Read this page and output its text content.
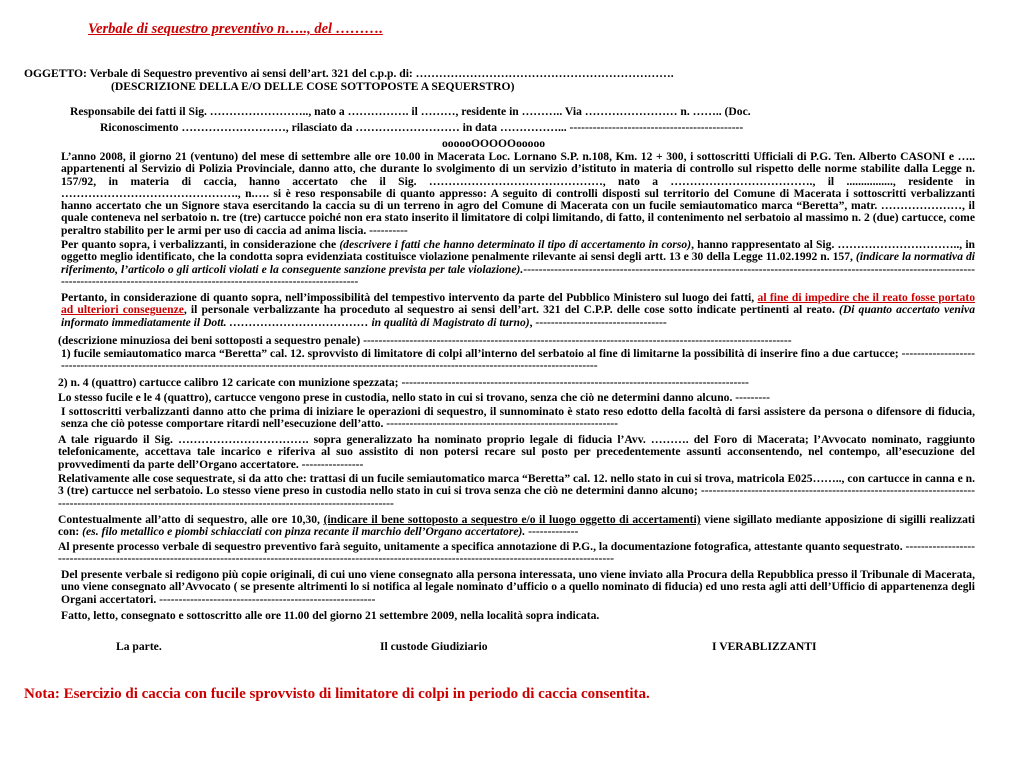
Verbale di sequestro preventivo n….., del ……….
OGGETTO: Verbale di Sequestro preventivo ai sensi dell’art. 321 del c.p.p. di: ………………………………………………………….
(DESCRIZIONE DELLA E/O DELLE COSE SOTTOPOSTE A SEQUERSTRO)
Responsabile dei fatti il Sig. …………………….., nato a ……………. il ………, residente in ……….. Via …………………… n. …….. (Doc.
Riconoscimento ………………………, rilasciato da ……………………… in data ……………... ---------------------------------------------
oooooOOOOOooooo
L’anno 2008, il giorno 21 (ventuno) del mese di settembre alle ore 10.00 in Macerata Loc. Lornano S.P. n.108, Km. 12 + 300, i sottoscritti Ufficiali di P.G. Ten. Alberto CASONI e ….. appartenenti al Servizio di Polizia Provinciale, danno atto, che durante lo svolgimento di un servizio d’istituto in materia di controllo sul rispetto delle norme stabilite dalla Legge n. 157/92, in materia di caccia, hanno accertato che il Sig. ………………………………………, nato a ………………………………., il ................, residente in ………………………………………., n.…. si è reso responsabile di quanto appresso: A seguito di controlli disposti sul territorio del Comune di Macerata i sottoscritti verbalizzanti hanno accertato che un Signore stava esercitando la caccia su di un terreno in agro del Comune di Macerata con un fucile semiautomatico marca “Beretta”, matr. …………………, il quale conteneva nel serbatoio n. tre (tre) cartucce poiché non era stato inserito il limitatore di colpi limitando, di fatto, il contenimento nel serbatoio al massimo n. 2 (due) cartucce, come peraltro stabilito per le armi per uso di caccia ad anima liscia. ----------
Per quanto sopra, i verbalizzanti, in considerazione che (descrivere i fatti che hanno determinato il tipo di accertamento in corso), hanno rappresentato al Sig. ………………………….., in oggetto meglio identificato, che la condotta sopra evidenziata costituisce violazione penalmente rilevante ai sensi degli artt. 13 e 30 della Legge 11.02.1992 n. 157, (indicare la normativa di riferimento, l’articolo o gli articoli violati e la conseguente sanzione prevista per tale violazione).--------------------------------------------------------------------------------------------------------------------------------------------------------------------------------------------------
Pertanto, in considerazione di quanto sopra, nell’impossibilità del tempestivo intervento da parte del Pubblico Ministero sul luogo dei fatti, al fine di impedire che il reato fosse portato ad ulteriori conseguenze, il personale verbalizzante ha proceduto al sequestro ai sensi dell’art. 321 del C.P.P. delle cose sotto indicate pertinenti al reato. (Di quanto accertato veniva informato immediatamente il Dott. ……………………………… in qualità di Magistrato di turno), ----------------------------------
(descrizione minuziosa dei beni sottoposti a sequestro penale) ---------------------------------------------------------------------------------------------------------------
1) fucile semiautomatico marca “Beretta” cal. 12. sprovvisto di limitatore di colpi all’interno del serbatoio al fine di limitarne la possibilità di inserire fino a due cartucce; --------------------------------------------------------------------------------------------------------------------------------------------------------------
2) n. 4 (quattro) cartucce calibro 12 caricate con munizione spezzata; ------------------------------------------------------------------------------------------
Lo stesso fucile e le 4 (quattro), cartucce vengono prese in custodia, nello stato in cui si trovano, senza che ciò ne determini danno alcuno. ---------
I sottoscritti verbalizzanti danno atto che prima di iniziare le operazioni di sequestro, il sunnominato è stato reso edotto della facoltà di farsi assistere da persona o difensore di fiducia, senza che ciò potesse comportare ritardi nell’esecuzione dell’atto. ------------------------------------------------------------
A tale riguardo il Sig. ……………………………. sopra generalizzato ha nominato proprio legale di fiducia l’Avv. ………. del Foro di Macerata; l’Avvocato nominato, raggiunto telefonicamente, accettava tale incarico e riferiva al suo assistito di non potersi recare sul posto per precedentemente assunti acconsentendo, nel contempo, all’esecuzione del provvedimenti da parte dell’Organo accertatore. ----------------
Relativamente alle cose sequestrate, si da atto che: trattasi di un fucile semiautomatico marca “Beretta” cal. 12. nello stato in cui si trova, matricola E025…….., con cartucce in canna e n. 3 (tre) cartucce nel serbatoio. Lo stesso viene preso in custodia nello stato in cui si trova senza che ciò ne determini danno alcuno; --------------------------------------------------------------------------------------------------------------------------------------------------------------
Contestualmente all’atto di sequestro, alle ore 10,30, (indicare il bene sottoposto a sequestro e/o il luogo oggetto di accertamenti) viene sigillato mediante apposizione di sigilli realizzati con: (es. filo metallico e piombi schiacciati con pinza recante il marchio dell’Organo accertatore). -------------
Al presente processo verbale di sequestro preventivo farà seguito, unitamente a specifica annotazione di P.G., la documentazione fotografica, attestante quanto sequestrato. ------------------------------------------------------------------------------------------------------------------------------------------------------------------
Del presente verbale si redigono più copie originali, di cui uno viene consegnato alla persona interessata, uno viene inviato alla Procura della Repubblica presso il Tribunale di Macerata, uno viene consegnato all’Avvocato ( se presente altrimenti lo si notifica al legale nominato d’ufficio o a quello nominato di fiducia) ed uno resta agli atti dell’Ufficio di appartenenza degli Organi accertatori. --------------------------------------------------------
Fatto, letto, consegnato e sottoscritto alle ore 11.00 del giorno 21 settembre 2009, nella località sopra indicata.
La parte.	Il custode Giudiziario	I VERABLIZZANTI
Nota: Esercizio di caccia con fucile sprovvisto di limitatore di colpi in periodo di caccia consentita.
